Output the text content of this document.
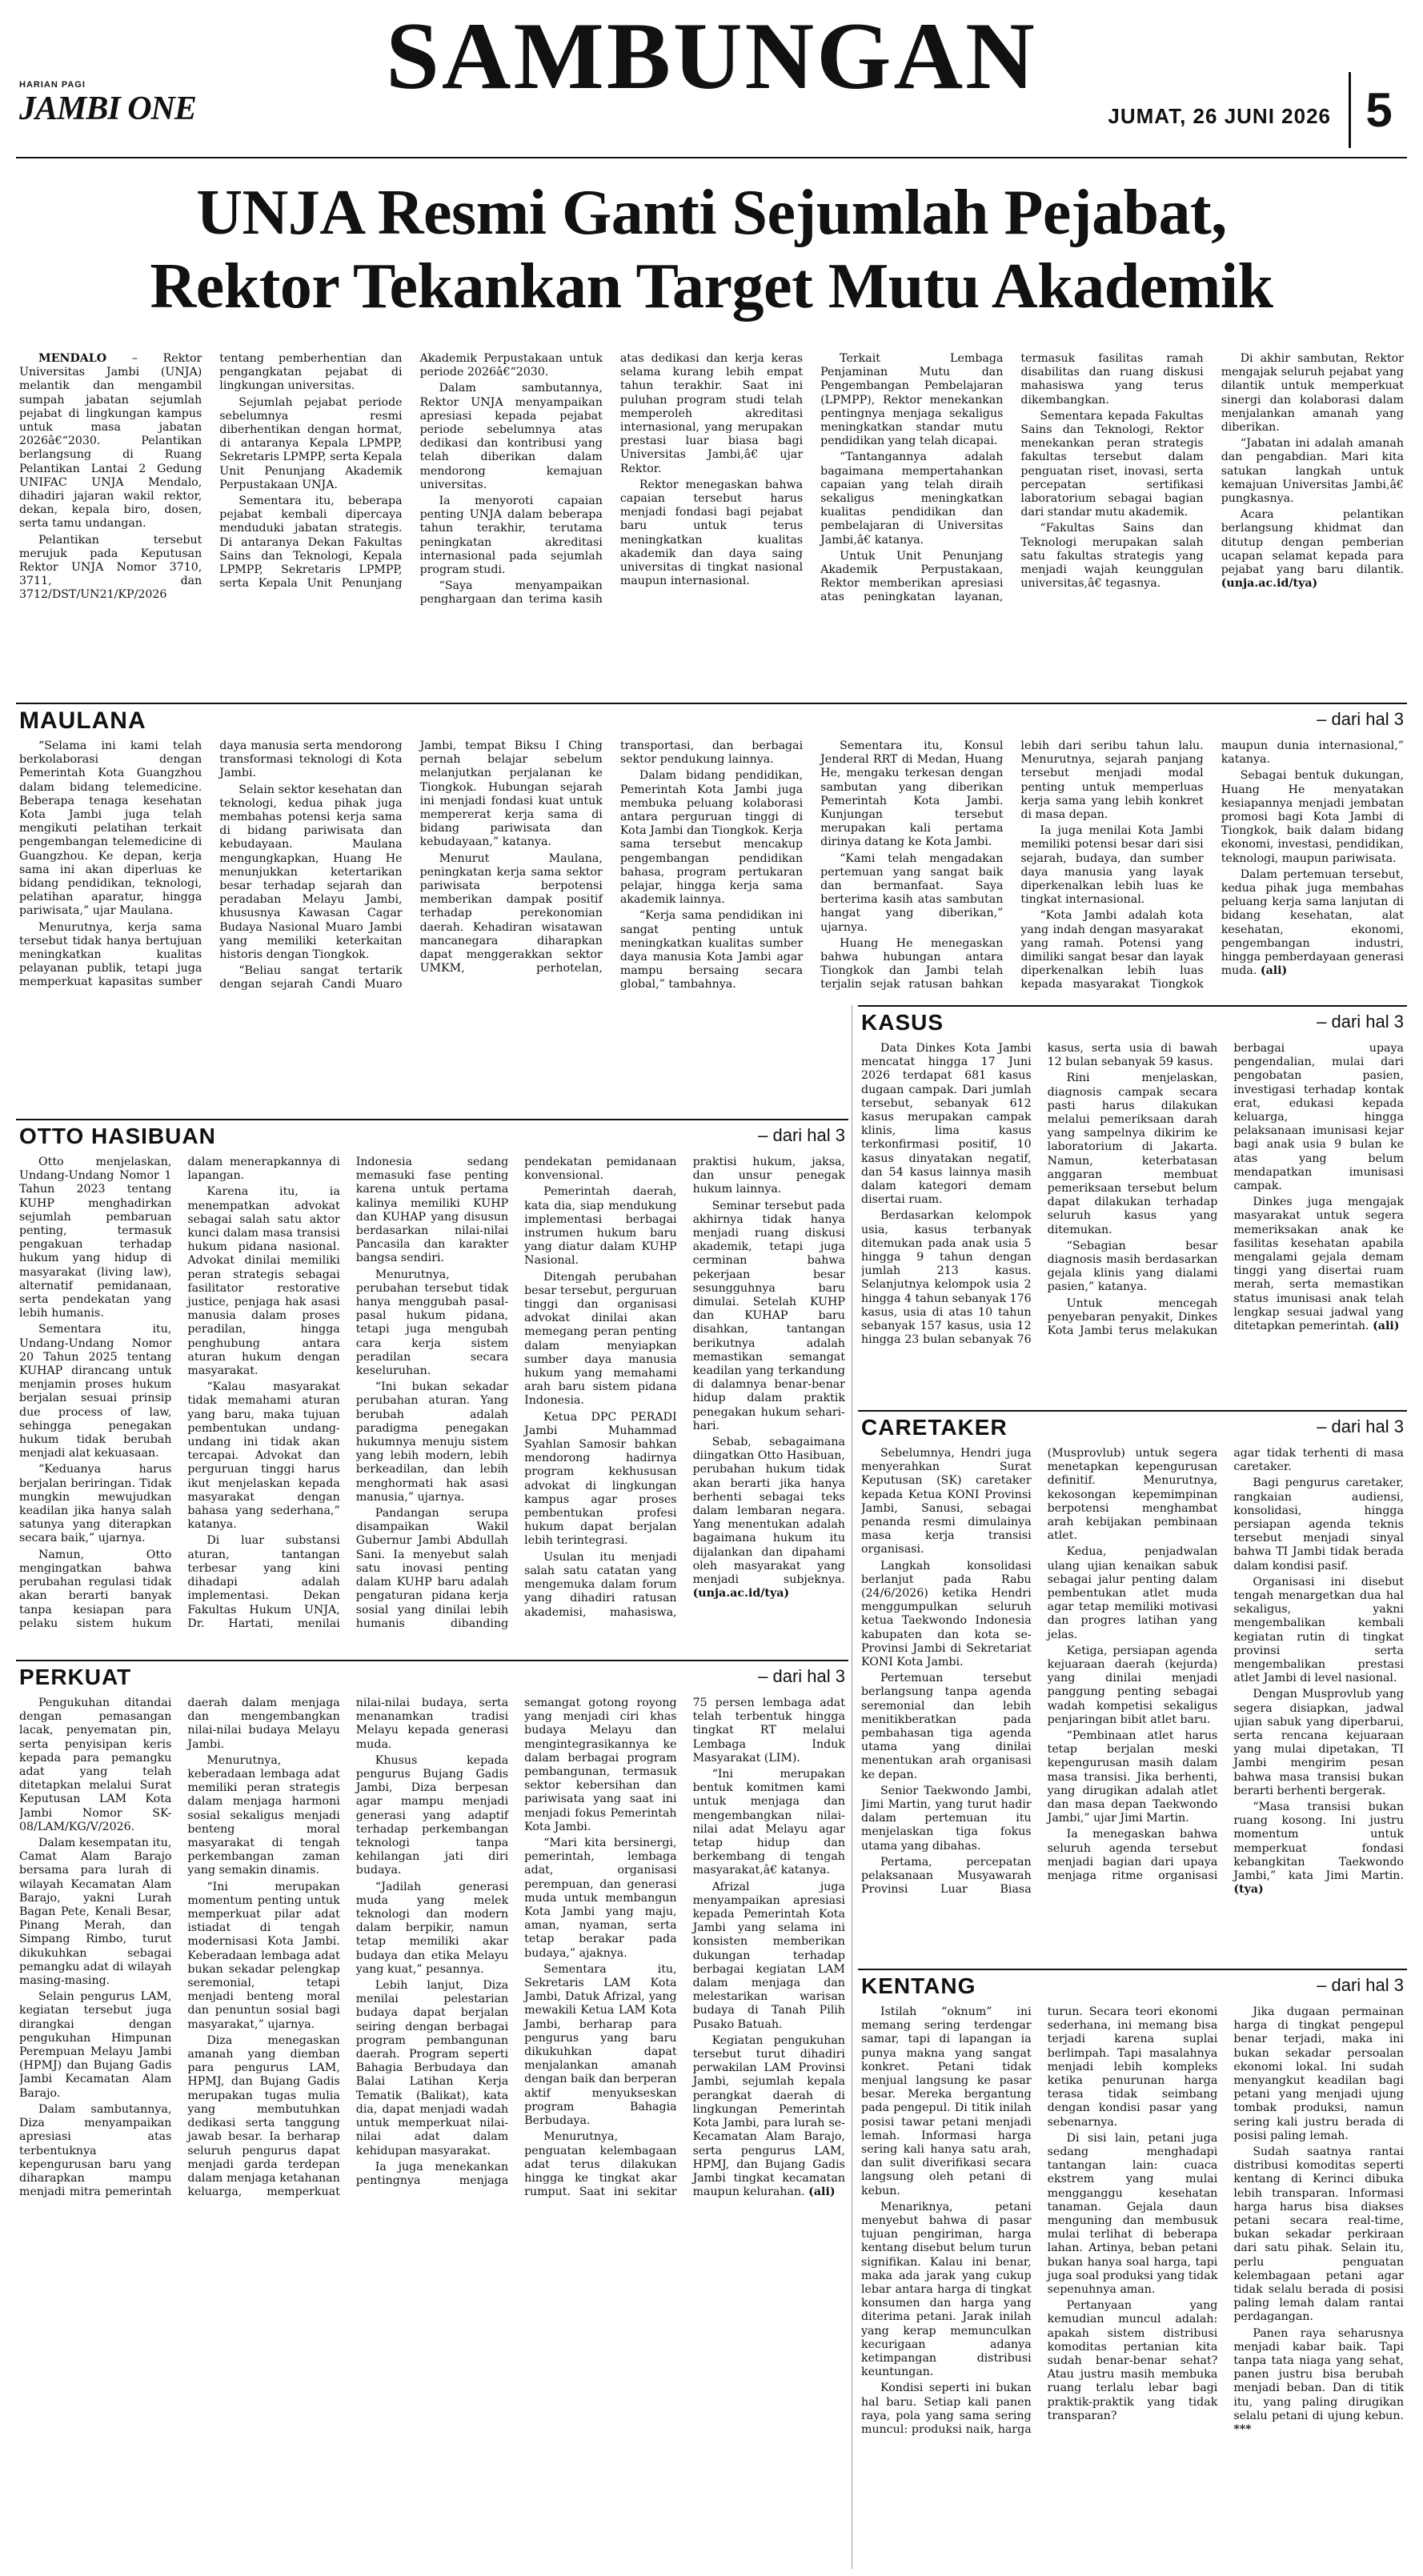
HARIAN PAGI
JAMBI ONE	SAMBUNGAN
JUMAT, 26 JUNI 2026 5
UNJA Resmi Ganti Sejumlah Pejabat,
Rektor Tekankan Target Mutu Akademik

MENDALO – Rektor Universitas Jambi (UNJA) melantik dan mengambil sumpah jabatan sejumlah pejabat di lingkungan kampus untuk masa jabatan 2026â€“2030. Pelantikan berlangsung di Ruang Pelantikan Lantai 2 Gedung UNIFAC UNJA Mendalo, dihadiri jajaran wakil rektor, dekan, kepala biro, dosen, serta tamu undangan.

Pelantikan tersebut merujuk pada Keputusan Rektor UNJA Nomor 3710, 3711, dan 3712/DST/UN21/KP/2026 tentang pemberhentian dan pengangkatan pejabat di lingkungan universitas.

Sejumlah pejabat periode sebelumnya resmi diberhentikan dengan hormat, di antaranya Kepala LPMPP, Sekretaris LPMPP, serta Kepala Unit Penunjang Akademik Perpustakaan UNJA.

Sementara itu, beberapa pejabat kembali dipercaya menduduki jabatan strategis. Di antaranya Dekan Fakultas Sains dan Teknologi, Kepala LPMPP, Sekretaris LPMPP, serta Kepala Unit Penunjang Akademik Perpustakaan untuk periode 2026â€“2030.

Dalam sambutannya, Rektor UNJA menyampaikan apresiasi kepada pejabat periode sebelumnya atas dedikasi dan kontribusi yang telah diberikan dalam mendorong kemajuan universitas.

Ia menyoroti capaian penting UNJA dalam beberapa tahun terakhir, terutama peningkatan akreditasi internasional pada sejumlah program studi.

“Saya menyampaikan penghargaan dan terima kasih atas dedikasi dan kerja keras selama kurang lebih empat tahun terakhir. Saat ini puluhan program studi telah memperoleh akreditasi internasional, yang merupakan prestasi luar biasa bagi Universitas Jambi,â€ ujar Rektor.

Rektor menegaskan bahwa capaian tersebut harus menjadi fondasi bagi pejabat baru untuk terus meningkatkan kualitas akademik dan daya saing universitas di tingkat nasional maupun internasional.

Terkait Lembaga Penjaminan Mutu dan Pengembangan Pembelajaran (LPMPP), Rektor menekankan pentingnya menjaga sekaligus meningkatkan standar mutu pendidikan yang telah dicapai.

“Tantangannya adalah bagaimana mempertahankan capaian yang telah diraih sekaligus meningkatkan kualitas pendidikan dan pembelajaran di Universitas Jambi,â€ katanya.

Untuk Unit Penunjang Akademik Perpustakaan, Rektor memberikan apresiasi atas peningkatan layanan, termasuk fasilitas ramah disabilitas dan ruang diskusi mahasiswa yang terus dikembangkan.

Sementara kepada Fakultas Sains dan Teknologi, Rektor menekankan peran strategis fakultas tersebut dalam penguatan riset, inovasi, serta percepatan sertifikasi laboratorium sebagai bagian dari standar mutu akademik.

“Fakultas Sains dan Teknologi merupakan salah satu fakultas strategis yang menjadi wajah keunggulan universitas,â€ tegasnya.

Di akhir sambutan, Rektor mengajak seluruh pejabat yang dilantik untuk memperkuat sinergi dan kolaborasi dalam menjalankan amanah yang diberikan.

“Jabatan ini adalah amanah dan pengabdian. Mari kita satukan langkah untuk kemajuan Universitas Jambi,â€ pungkasnya.

Acara pelantikan berlangsung khidmat dan ditutup dengan pemberian ucapan selamat kepada para pejabat yang baru dilantik. (unja.ac.id/tya)

MAULANA	– dari hal 3

“Selama ini kami telah berkolaborasi dengan Pemerintah Kota Guangzhou dalam bidang telemedicine. Beberapa tenaga kesehatan Kota Jambi juga telah mengikuti pelatihan terkait pengembangan telemedicine di Guangzhou. Ke depan, kerja sama ini akan diperluas ke bidang pendidikan, teknologi, pelatihan aparatur, hingga pariwisata,” ujar Maulana.

Menurutnya, kerja sama tersebut tidak hanya bertujuan meningkatkan kualitas pelayanan publik, tetapi juga memperkuat kapasitas sumber daya manusia serta mendorong transformasi teknologi di Kota Jambi.

Selain sektor kesehatan dan teknologi, kedua pihak juga membahas potensi kerja sama di bidang pariwisata dan kebudayaan. Maulana mengungkapkan, Huang He menunjukkan ketertarikan besar terhadap sejarah dan peradaban Melayu Jambi, khususnya Kawasan Cagar Budaya Nasional Muaro Jambi yang memiliki keterkaitan historis dengan Tiongkok.

“Beliau sangat tertarik dengan sejarah Candi Muaro Jambi, tempat Biksu I Ching pernah belajar sebelum melanjutkan perjalanan ke Tiongkok. Hubungan sejarah ini menjadi fondasi kuat untuk mempererat kerja sama di bidang pariwisata dan kebudayaan,” katanya.

Menurut Maulana, peningkatan kerja sama sektor pariwisata berpotensi memberikan dampak positif terhadap perekonomian daerah. Kehadiran wisatawan mancanegara diharapkan dapat menggerakkan sektor UMKM, perhotelan, transportasi, dan berbagai sektor pendukung lainnya.

Dalam bidang pendidikan, Pemerintah Kota Jambi juga membuka peluang kolaborasi antara perguruan tinggi di Kota Jambi dan Tiongkok. Kerja sama tersebut mencakup pengembangan pendidikan bahasa, program pertukaran pelajar, hingga kerja sama akademik lainnya.

“Kerja sama pendidikan ini sangat penting untuk meningkatkan kualitas sumber daya manusia Kota Jambi agar mampu bersaing secara global,” tambahnya.

Sementara itu, Konsul Jenderal RRT di Medan, Huang He, mengaku terkesan dengan sambutan yang diberikan Pemerintah Kota Jambi. Kunjungan tersebut merupakan kali pertama dirinya datang ke Kota Jambi.

“Kami telah mengadakan pertemuan yang sangat baik dan bermanfaat. Saya berterima kasih atas sambutan hangat yang diberikan,” ujarnya.

Huang He menegaskan bahwa hubungan antara Tiongkok dan Jambi telah terjalin sejak ratusan bahkan lebih dari seribu tahun lalu. Menurutnya, sejarah panjang tersebut menjadi modal penting untuk memperluas kerja sama yang lebih konkret di masa depan.

Ia juga menilai Kota Jambi memiliki potensi besar dari sisi sejarah, budaya, dan sumber daya manusia yang layak diperkenalkan lebih luas ke tingkat internasional.

“Kota Jambi adalah kota yang indah dengan masyarakat yang ramah. Potensi yang dimiliki sangat besar dan layak diperkenalkan lebih luas kepada masyarakat Tiongkok maupun dunia internasional,” katanya.

Sebagai bentuk dukungan, Huang He menyatakan kesiapannya menjadi jembatan promosi bagi Kota Jambi di Tiongkok, baik dalam bidang ekonomi, investasi, pendidikan, teknologi, maupun pariwisata.

Dalam pertemuan tersebut, kedua pihak juga membahas peluang kerja sama lanjutan di bidang kesehatan, alat kesehatan, ekonomi, pengembangan industri, hingga pemberdayaan generasi muda. (ali)

OTTO HASIBUAN	– dari hal 3

Otto menjelaskan, Undang-Undang Nomor 1 Tahun 2023 tentang KUHP menghadirkan sejumlah pembaruan penting, termasuk pengakuan terhadap hukum yang hidup di masyarakat (living law), alternatif pemidanaan, serta pendekatan yang lebih humanis.

Sementara itu, Undang-Undang Nomor 20 Tahun 2025 tentang KUHAP dirancang untuk menjamin proses hukum berjalan sesuai prinsip due process of law, sehingga penegakan hukum tidak berubah menjadi alat kekuasaan.

“Keduanya harus berjalan beriringan. Tidak mungkin mewujudkan keadilan jika hanya salah satunya yang diterapkan secara baik,” ujarnya.

Namun, Otto mengingatkan bahwa perubahan regulasi tidak akan berarti banyak tanpa kesiapan para pelaku sistem hukum dalam menerapkannya di lapangan.

Karena itu, ia menempatkan advokat sebagai salah satu aktor kunci dalam masa transisi hukum pidana nasional. Advokat dinilai memiliki peran strategis sebagai fasilitator restorative justice, penjaga hak asasi manusia dalam proses peradilan, hingga penghubung antara aturan hukum dengan masyarakat.

“Kalau masyarakat tidak memahami aturan yang baru, maka tujuan pembentukan undang-undang ini tidak akan tercapai. Advokat dan perguruan tinggi harus ikut menjelaskan kepada masyarakat dengan bahasa yang sederhana,” katanya.

Di luar substansi aturan, tantangan terbesar yang kini dihadapi adalah implementasi. Dekan Fakultas Hukum UNJA, Dr. Hartati, menilai Indonesia sedang memasuki fase penting karena untuk pertama kalinya memiliki KUHP dan KUHAP yang disusun berdasarkan nilai-nilai Pancasila dan karakter bangsa sendiri.

Menurutnya, perubahan tersebut tidak hanya menggubah pasal-pasal hukum pidana, tetapi juga mengubah cara kerja sistem peradilan secara keseluruhan.

“Ini bukan sekadar perubahan aturan. Yang berubah adalah paradigma penegakan hukumnya menuju sistem yang lebih modern, lebih berkeadilan, dan lebih menghormati hak asasi manusia,” ujarnya.

Pandangan serupa disampaikan Wakil Gubernur Jambi Abdullah Sani. Ia menyebut salah satu inovasi penting dalam KUHP baru adalah pengaturan pidana kerja sosial yang dinilai lebih humanis dibanding pendekatan pemidanaan konvensional.

Pemerintah daerah, kata dia, siap mendukung implementasi berbagai instrumen hukum baru yang diatur dalam KUHP Nasional.

Ditengah perubahan besar tersebut, perguruan tinggi dan organisasi advokat dinilai akan memegang peran penting dalam menyiapkan sumber daya manusia hukum yang memahami arah baru sistem pidana Indonesia.

Ketua DPC PERADI Jambi Muhammad Syahlan Samosir bahkan mendorong hadirnya program kekhususan advokat di lingkungan kampus agar proses pembentukan profesi hukum dapat berjalan lebih terintegrasi.

Usulan itu menjadi salah satu catatan yang mengemuka dalam forum yang dihadiri ratusan akademisi, mahasiswa, praktisi hukum, jaksa, dan unsur penegak hukum lainnya.

Seminar tersebut pada akhirnya tidak hanya menjadi ruang diskusi akademik, tetapi juga cerminan bahwa pekerjaan besar sesungguhnya baru dimulai. Setelah KUHP dan KUHAP baru disahkan, tantangan berikutnya adalah memastikan semangat keadilan yang terkandung di dalamnya benar-benar hidup dalam praktik penegakan hukum sehari-hari.

Sebab, sebagaimana diingatkan Otto Hasibuan, perubahan hukum tidak akan berarti jika hanya berhenti sebagai teks dalam lembaran negara. Yang menentukan adalah bagaimana hukum itu dijalankan dan dipahami oleh masyarakat yang menjadi subjeknya. (unja.ac.id/tya)

KASUS	– dari hal 3

Data Dinkes Kota Jambi mencatat hingga 17 Juni 2026 terdapat 681 kasus dugaan campak. Dari jumlah tersebut, sebanyak 612 kasus merupakan campak klinis, lima kasus terkonfirmasi positif, 10 kasus dinyatakan negatif, dan 54 kasus lainnya masih dalam kategori demam disertai ruam.

Berdasarkan kelompok usia, kasus terbanyak ditemukan pada anak usia 5 hingga 9 tahun dengan jumlah 213 kasus. Selanjutnya kelompok usia 2 hingga 4 tahun sebanyak 176 kasus, usia di atas 10 tahun sebanyak 157 kasus, usia 12 hingga 23 bulan sebanyak 76 kasus, serta usia di bawah 12 bulan sebanyak 59 kasus.

Rini menjelaskan, diagnosis campak secara pasti harus dilakukan melalui pemeriksaan darah yang sampelnya dikirim ke laboratorium di Jakarta. Namun, keterbatasan anggaran membuat pemeriksaan tersebut belum dapat dilakukan terhadap seluruh kasus yang ditemukan.

“Sebagian besar diagnosis masih berdasarkan gejala klinis yang dialami pasien,” katanya.

Untuk mencegah penyebaran penyakit, Dinkes Kota Jambi terus melakukan berbagai upaya pengendalian, mulai dari pengobatan pasien, investigasi terhadap kontak erat, edukasi kepada keluarga, hingga pelaksanaan imunisasi kejar bagi anak usia 9 bulan ke atas yang belum mendapatkan imunisasi campak.

Dinkes juga mengajak masyarakat untuk segera memeriksakan anak ke fasilitas kesehatan apabila mengalami gejala demam tinggi yang disertai ruam merah, serta memastikan status imunisasi anak telah lengkap sesuai jadwal yang ditetapkan pemerintah. (ali)

CARETAKER	– dari hal 3

Sebelumnya, Hendri juga menyerahkan Surat Keputusan (SK) caretaker kepada Ketua KONI Provinsi Jambi, Sanusi, sebagai penanda resmi dimulainya masa kerja transisi organisasi.

Langkah konsolidasi berlanjut pada Rabu (24/6/2026) ketika Hendri menggumpulkan seluruh ketua Taekwondo Indonesia kabupaten dan kota se-Provinsi Jambi di Sekretariat KONI Kota Jambi.

Pertemuan tersebut berlangsung tanpa agenda seremonial dan lebih menitikberatkan pada pembahasan tiga agenda utama yang dinilai menentukan arah organisasi ke depan.

Senior Taekwondo Jambi, Jimi Martin, yang turut hadir dalam pertemuan itu menjelaskan tiga fokus utama yang dibahas.

Pertama, percepatan pelaksanaan Musyawarah Provinsi Luar Biasa (Musprovlub) untuk segera menetapkan kepengurusan definitif. Menurutnya, kekosongan kepemimpinan berpotensi menghambat arah kebijakan pembinaan atlet.

Kedua, penjadwalan ulang ujian kenaikan sabuk sebagai jalur penting dalam pembentukan atlet muda agar tetap memiliki motivasi dan progres latihan yang jelas.

Ketiga, persiapan agenda kejuaraan daerah (kejurda) yang dinilai menjadi panggung penting sebagai wadah kompetisi sekaligus penjaringan bibit atlet baru.

“Pembinaan atlet harus tetap berjalan meski kepengurusan masih dalam masa transisi. Jika berhenti, yang dirugikan adalah atlet dan masa depan Taekwondo Jambi,” ujar Jimi Martin.

Ia menegaskan bahwa seluruh agenda tersebut menjadi bagian dari upaya menjaga ritme organisasi agar tidak terhenti di masa caretaker.

Bagi pengurus caretaker, rangkaian audiensi, konsolidasi, hingga persiapan agenda teknis tersebut menjadi sinyal bahwa TI Jambi tidak berada dalam kondisi pasif.

Organisasi ini disebut tengah menargetkan dua hal sekaligus, yakni mengembalikan kembali kegiatan rutin di tingkat provinsi serta mengembalikan prestasi atlet Jambi di level nasional.

Dengan Musprovlub yang segera disiapkan, jadwal ujian sabuk yang diperbarui, serta rencana kejuaraan yang mulai dipetakan, TI Jambi mengirim pesan bahwa masa transisi bukan berarti berhenti bergerak.

“Masa transisi bukan ruang kosong. Ini justru momentum untuk memperkuat fondasi kebangkitan Taekwondo Jambi,” kata Jimi Martin. (tya)

PERKUAT	– dari hal 3

Pengukuhan ditandai dengan pemasangan lacak, penyematan pin, serta penyisipan keris kepada para pemangku adat yang telah ditetapkan melalui Surat Keputusan LAM Kota Jambi Nomor SK-08/LAM/KG/V/2026.

Dalam kesempatan itu, Camat Alam Barajo bersama para lurah di wilayah Kecamatan Alam Barajo, yakni Lurah Bagan Pete, Kenali Besar, Pinang Merah, dan Simpang Rimbo, turut dikukuhkan sebagai pemangku adat di wilayah masing-masing.

Selain pengurus LAM, kegiatan tersebut juga dirangkai dengan pengukuhan Himpunan Perempuan Melayu Jambi (HPMJ) dan Bujang Gadis Jambi Kecamatan Alam Barajo.

Dalam sambutannya, Diza menyampaikan apresiasi atas terbentuknya kepengurusan baru yang diharapkan mampu menjadi mitra pemerintah daerah dalam menjaga dan mengembangkan nilai-nilai budaya Melayu Jambi.

Menurutnya, keberadaan lembaga adat memiliki peran strategis dalam menjaga harmoni sosial sekaligus menjadi benteng moral masyarakat di tengah perkembangan zaman yang semakin dinamis.

“Ini merupakan momentum penting untuk memperkuat pilar adat istiadat di tengah modernisasi Kota Jambi. Keberadaan lembaga adat bukan sekadar pelengkap seremonial, tetapi menjadi benteng moral dan penuntun sosial bagi masyarakat,” ujarnya.

Diza menegaskan amanah yang diemban para pengurus LAM, HPMJ, dan Bujang Gadis merupakan tugas mulia yang membutuhkan dedikasi serta tanggung jawab besar. Ia berharap seluruh pengurus dapat menjadi garda terdepan dalam menjaga ketahanan keluarga, memperkuat nilai-nilai budaya, serta menanamkan tradisi Melayu kepada generasi muda.

Khusus kepada pengurus Bujang Gadis Jambi, Diza berpesan agar mampu menjadi generasi yang adaptif terhadap perkembangan teknologi tanpa kehilangan jati diri budaya.

“Jadilah generasi muda yang melek teknologi dan modern dalam berpikir, namun tetap memiliki akar budaya dan etika Melayu yang kuat,” pesannya.

Lebih lanjut, Diza menilai pelestarian budaya dapat berjalan seiring dengan berbagai program pembangunan daerah. Program seperti Bahagia Berbudaya dan Balai Latihan Kerja Tematik (Balikat), kata dia, dapat menjadi wadah untuk memperkuat nilai-nilai adat dalam kehidupan masyarakat.

Ia juga menekankan pentingnya menjaga semangat gotong royong yang menjadi ciri khas budaya Melayu dan mengintegrasikannya ke dalam berbagai program pembangunan, termasuk sektor kebersihan dan pariwisata yang saat ini menjadi fokus Pemerintah Kota Jambi.

“Mari kita bersinergi, pemerintah, lembaga adat, organisasi perempuan, dan generasi muda untuk membangun Kota Jambi yang maju, aman, nyaman, serta tetap berakar pada budaya,” ajaknya.

Sementara itu, Sekretaris LAM Kota Jambi, Datuk Afrizal, yang mewakili Ketua LAM Kota Jambi, berharap para pengurus yang baru dikukuhkan dapat menjalankan amanah dengan baik dan berperan aktif menyukseskan program Bahagia Berbudaya.

Menurutnya, penguatan kelembagaan adat terus dilakukan hingga ke tingkat akar rumput. Saat ini sekitar 75 persen lembaga adat telah terbentuk hingga tingkat RT melalui Lembaga Induk Masyarakat (LIM).

“Ini merupakan bentuk komitmen kami untuk menjaga dan mengembangkan nilai-nilai adat Melayu agar tetap hidup dan berkembang di tengah masyarakat,â€ katanya.

Afrizal juga menyampaikan apresiasi kepada Pemerintah Kota Jambi yang selama ini konsisten memberikan dukungan terhadap berbagai kegiatan LAM dalam menjaga dan melestarikan warisan budaya di Tanah Pilih Pusako Batuah.

Kegiatan pengukuhan tersebut turut dihadiri perwakilan LAM Provinsi Jambi, sejumlah kepala perangkat daerah di lingkungan Pemerintah Kota Jambi, para lurah se-Kecamatan Alam Barajo, serta pengurus LAM, HPMJ, dan Bujang Gadis Jambi tingkat kecamatan maupun kelurahan. (ali)

KENTANG	– dari hal 3

Istilah “oknum” ini memang sering terdengar samar, tapi di lapangan ia punya makna yang sangat konkret. Petani tidak menjual langsung ke pasar besar. Mereka bergantung pada pengepul. Di titik inilah posisi tawar petani menjadi lemah. Informasi harga sering kali hanya satu arah, dan sulit diverifikasi secara langsung oleh petani di kebun.

Menariknya, petani menyebut bahwa di pasar tujuan pengiriman, harga kentang disebut belum turun signifikan. Kalau ini benar, maka ada jarak yang cukup lebar antara harga di tingkat konsumen dan harga yang diterima petani. Jarak inilah yang kerap memunculkan kecurigaan adanya ketimpangan distribusi keuntungan.

Kondisi seperti ini bukan hal baru. Setiap kali panen raya, pola yang sama sering muncul: produksi naik, harga turun. Secara teori ekonomi sederhana, ini memang bisa terjadi karena suplai berlimpah. Tapi masalahnya menjadi lebih kompleks ketika penurunan harga terasa tidak seimbang dengan kondisi pasar yang sebenarnya.

Di sisi lain, petani juga sedang menghadapi tantangan lain: cuaca ekstrem yang mulai mengganggu kesehatan tanaman. Gejala daun menguning dan membusuk mulai terlihat di beberapa lahan. Artinya, beban petani bukan hanya soal harga, tapi juga soal produksi yang tidak sepenuhnya aman.

Pertanyaan yang kemudian muncul adalah: apakah sistem distribusi komoditas pertanian kita sudah benar-benar sehat? Atau justru masih membuka ruang terlalu lebar bagi praktik-praktik yang tidak transparan?

Jika dugaan permainan harga di tingkat pengepul benar terjadi, maka ini bukan sekadar persoalan ekonomi lokal. Ini sudah menyangkut keadilan bagi petani yang menjadi ujung tombak produksi, namun sering kali justru berada di posisi paling lemah.

Sudah saatnya rantai distribusi komoditas seperti kentang di Kerinci dibuka lebih transparan. Informasi harga harus bisa diakses petani secara real-time, bukan sekadar perkiraan dari satu pihak. Selain itu, perlu penguatan kelembagaan petani agar tidak selalu berada di posisi paling lemah dalam rantai perdagangan.

Panen raya seharusnya menjadi kabar baik. Tapi tanpa tata niaga yang sehat, panen justru bisa berubah menjadi beban. Dan di titik itu, yang paling dirugikan selalu petani di ujung kebun. ***
